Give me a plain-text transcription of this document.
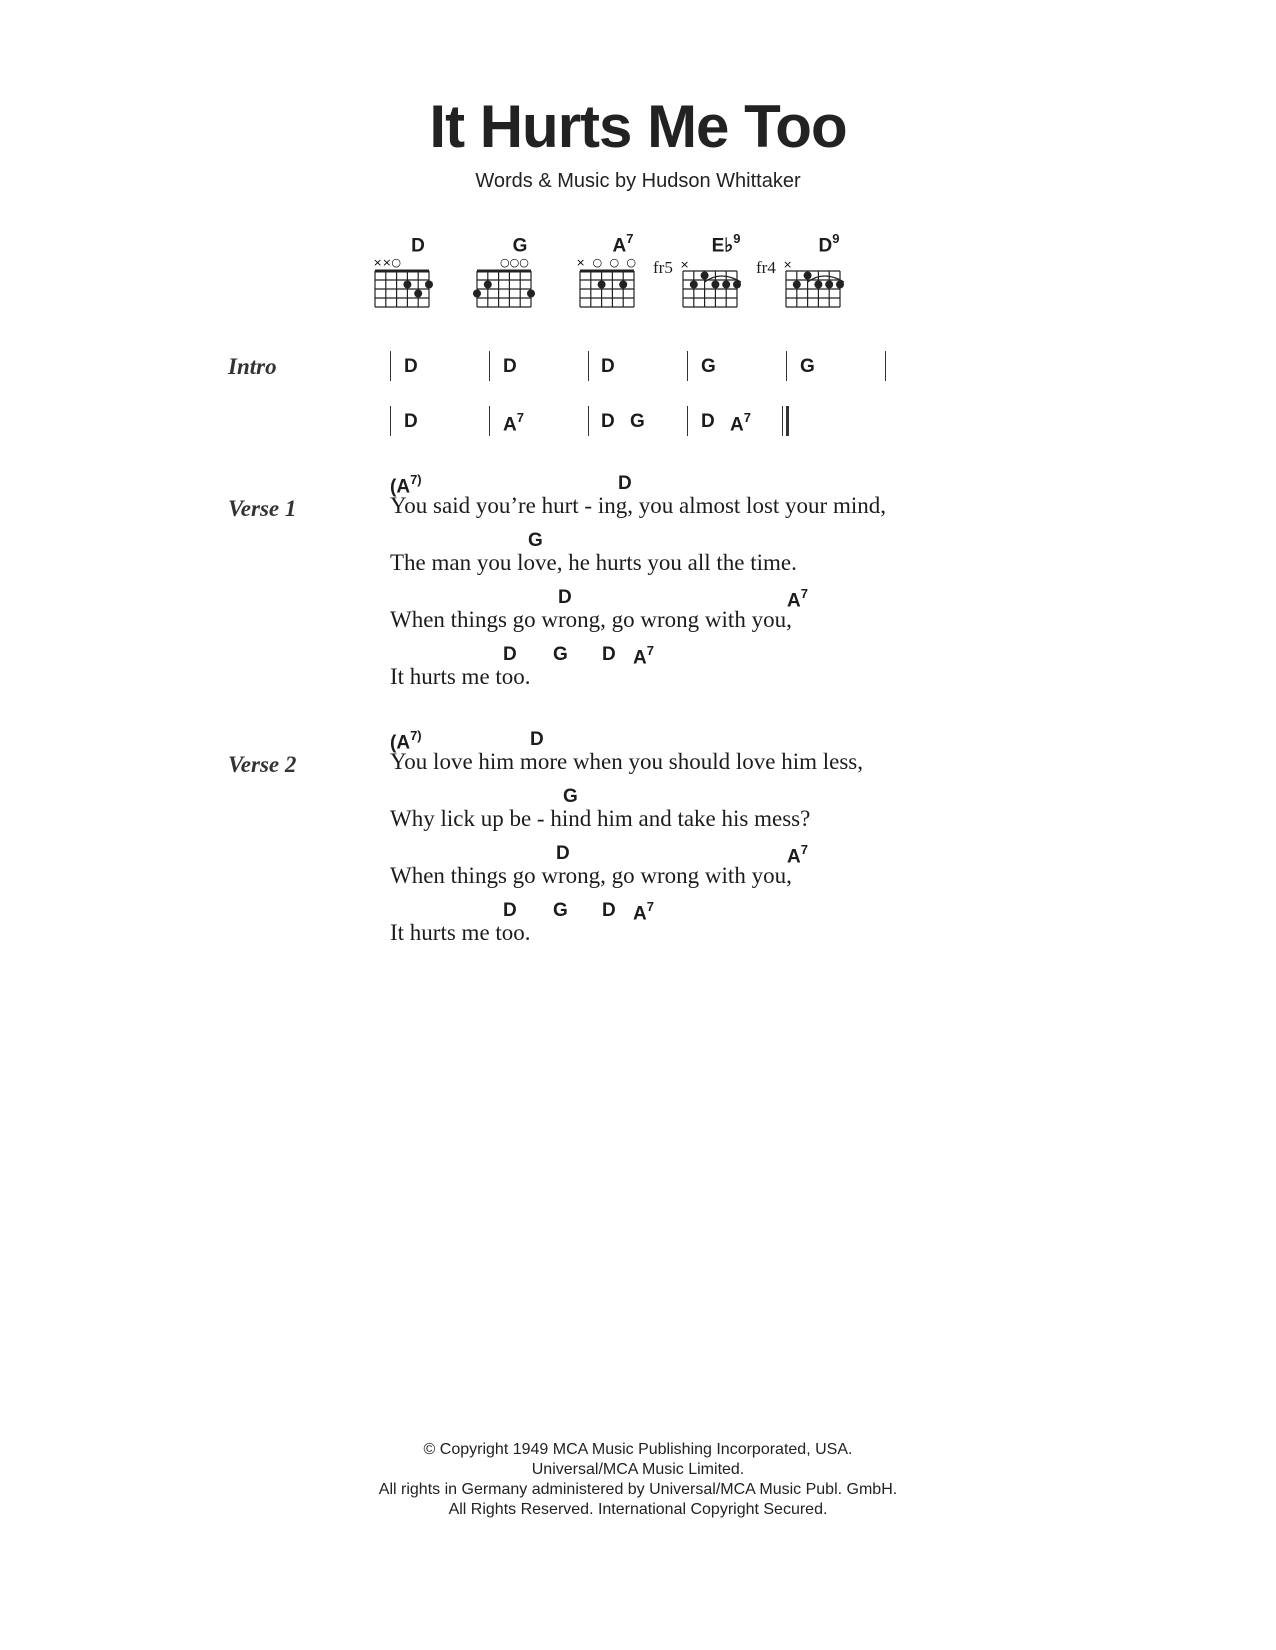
It Hurts Me Too
Words & Music by Hudson Whittaker
D
××○
G
○○○
$A^7$
× ○ ○ ○
E♭$^9$
fr5 ×
$D^9$
fr4 ×
Intro	D	D	D	G	G
D	$A^7$	D G	D $A^7$
Verse 1
($A^{7)}$	D
You said you’re hurt - ing, you almost lost your mind,
G
The man you love, he hurts you all the time.
D	$A^7$
When things go wrong, go wrong with you,
D G D $A^7$
It hurts me too.
Verse 2
($A^{7)}$	D
You love him more when you should love him less,
G
Why lick up be - hind him and take his mess?
D	$A^7$
When things go wrong, go wrong with you,
D G D $A^7$
It hurts me too.
© Copyright 1949 MCA Music Publishing Incorporated, USA.
Universal/MCA Music Limited.
All rights in Germany administered by Universal/MCA Music Publ. GmbH.
All Rights Reserved. International Copyright Secured.
